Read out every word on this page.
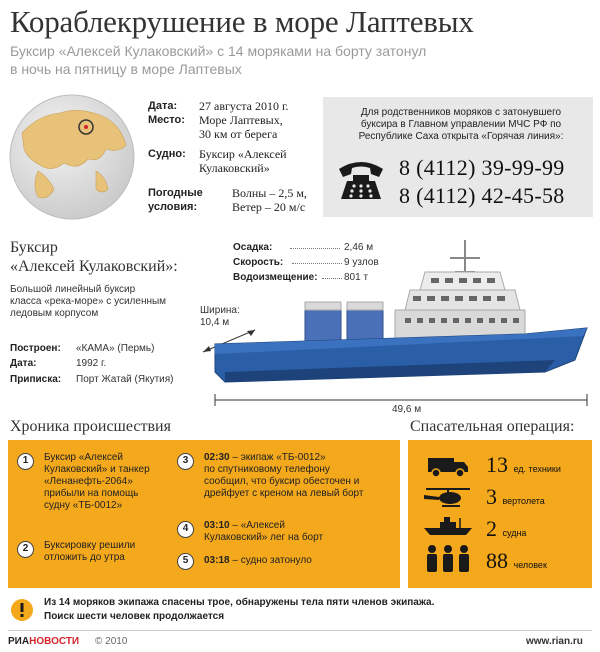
Кораблекрушение в море Лаптевых
Буксир «Алексей Кулаковский» с 14 моряками на борту затонул
в ночь на пятницу в море Лаптевых
Дата: 27 августа 2010 г.
Место: Море Лаптевых,
30 км от берега
Судно: Буксир «Алексей
Кулаковский»
Погодные
условия:
Волны – 2,5 м,
Ветер – 20 м/с
Для родственников моряков с затонувшего
буксира в Главном управлении МЧС РФ по
Республике Саха открыта «Горячая линия»:
8 (4112) 39-99-99
8 (4112) 42-45-58
Буксир
«Алексей Кулаковский»:
Большой линейный буксир
класса «река-море» с усиленным
ледовым корпусом
Построен: «КАМА» (Пермь)
Дата:	1992 г.
Приписка: Порт Жатай (Якутия)
Осадка:	2,46 м
Скорость:	9 узлов
Водоизмещение:	801 т
Ширина:
10,4 м
49,6 м
Хроника происшествия
1	Буксир «Алексей
Кулаковский» и танкер
«Ленанефть-2064»
прибыли на помощь
судну «ТБ-0012»
2	Буксировку решили
отложить до утра
3	02:30 – экипаж «ТБ-0012»
по спутниковому телефону
сообщил, что буксир обесточен и
дрейфует с креном на левый борт
4	03:10 – «Алексей
Кулаковский» лег на борт
5	03:18 – судно затонуло
Спасательная операция:
13 ед. техники
3 вертолета
2 судна
88 человек
Из 14 моряков экипажа спасены трое, обнаружены тела пяти членов экипажа.
Поиск шести человек продолжается
РИАНОВОСТИ © 2010	www.rian.ru
